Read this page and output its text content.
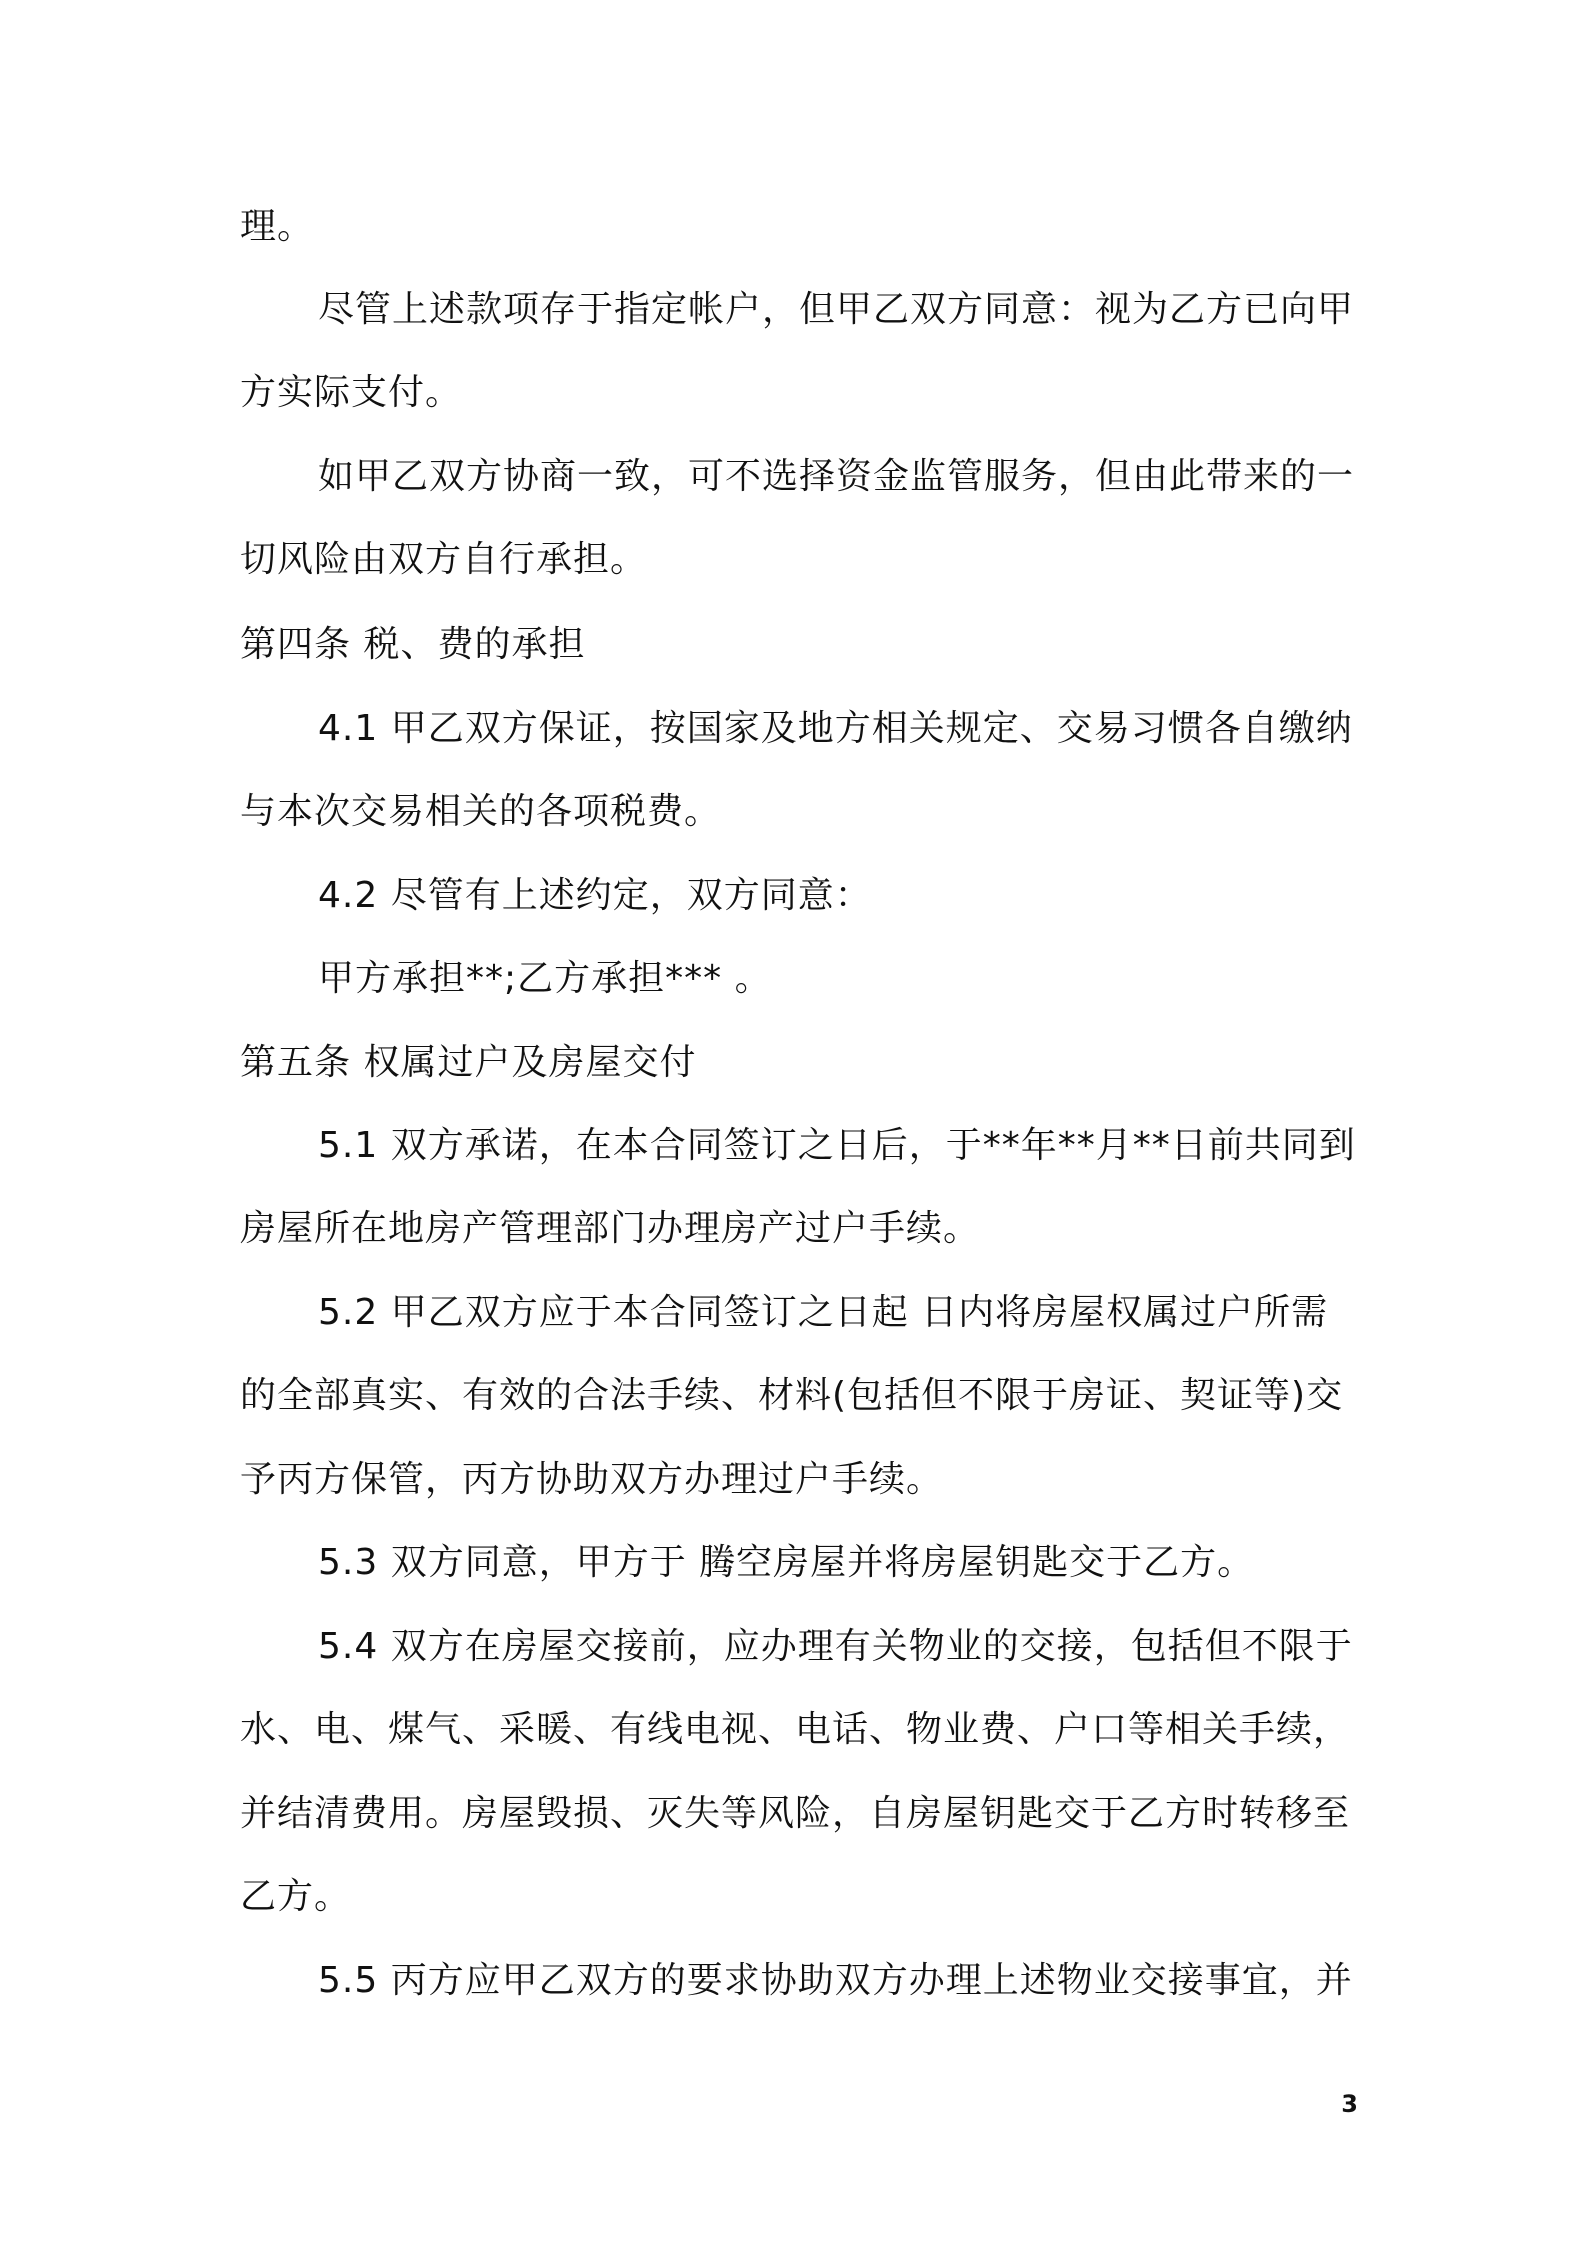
理。
尽管上述款项存于指定帐户，但甲乙双方同意：视为乙方已向甲
方实际支付。
如甲乙双方协商一致，可不选择资金监管服务，但由此带来的一
切风险由双方自行承担。
第四条 税、费的承担
4.1 甲乙双方保证，按国家及地方相关规定、交易习惯各自缴纳
与本次交易相关的各项税费。
4.2 尽管有上述约定，双方同意：
甲方承担**;乙方承担*** 。
第五条 权属过户及房屋交付
5.1 双方承诺，在本合同签订之日后，于**年**月**日前共同到
房屋所在地房产管理部门办理房产过户手续。
5.2 甲乙双方应于本合同签订之日起 日内将房屋权属过户所需
的全部真实、有效的合法手续、材料(包括但不限于房证、契证等)交
予丙方保管，丙方协助双方办理过户手续。
5.3 双方同意，甲方于 腾空房屋并将房屋钥匙交于乙方。
5.4 双方在房屋交接前，应办理有关物业的交接，包括但不限于
水、电、煤气、采暖、有线电视、电话、物业费、户口等相关手续，
并结清费用。房屋毁损、灭失等风险，自房屋钥匙交于乙方时转移至
乙方。
5.5 丙方应甲乙双方的要求协助双方办理上述物业交接事宜，并
3
